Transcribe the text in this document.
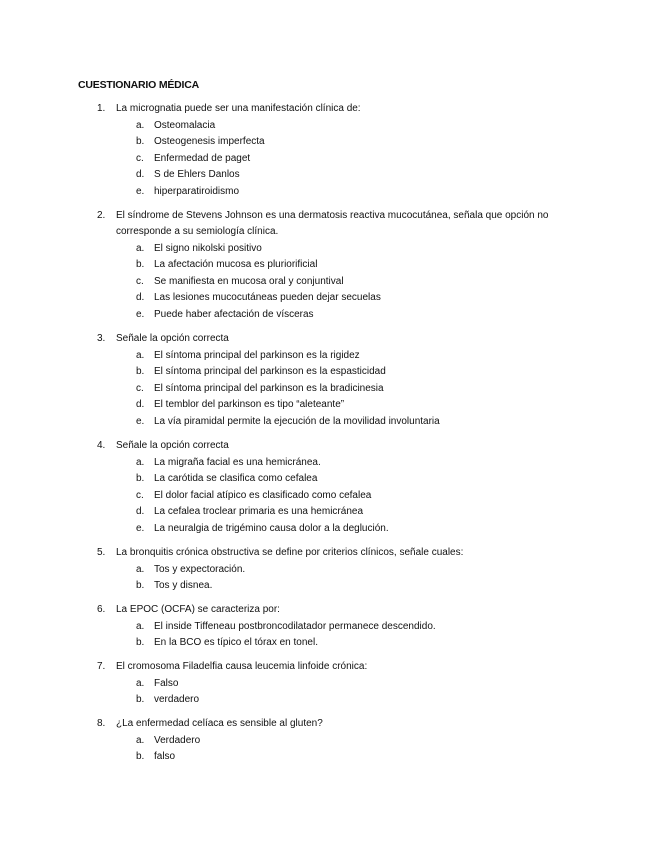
CUESTIONARIO MÉDICA
1. La micrognatia puede ser una manifestación clínica de:
a. Osteomalacia
b. Osteogenesis imperfecta
c. Enfermedad de paget
d. S de Ehlers Danlos
e. hiperparatiroidismo
2. El síndrome de Stevens Johnson es una dermatosis reactiva mucocutánea, señala que opción no corresponde a su semiología clínica.
a. El signo nikolski positivo
b. La afectación mucosa es pluriorificial
c. Se manifiesta en mucosa oral y conjuntival
d. Las lesiones mucocutáneas pueden dejar secuelas
e. Puede haber afectación de vísceras
3. Señale la opción correcta
a. El síntoma principal del parkinson es la rigidez
b. El síntoma principal del parkinson es la espasticidad
c. El síntoma principal del parkinson es la bradicinesia
d. El temblor del parkinson es tipo “aleteante”
e. La vía piramidal permite la ejecución de la movilidad involuntaria
4. Señale la opción correcta
a. La migraña facial es una hemicránea.
b. La carótida se clasifica como cefalea
c. El dolor facial atípico es clasificado como cefalea
d. La cefalea troclear primaria es una hemicránea
e. La neuralgia de trigémino causa dolor a la deglución.
5. La bronquitis crónica obstructiva se define por criterios clínicos, señale cuales:
a. Tos y expectoración.
b. Tos y disnea.
6. La EPOC (OCFA) se caracteriza por:
a. El inside Tiffeneau postbroncodilatador permanece descendido.
b. En la BCO es típico el tórax en tonel.
7. El cromosoma Filadelfia causa leucemia linfoide crónica:
a. Falso
b. verdadero
8. ¿La enfermedad celíaca es sensible al gluten?
a. Verdadero
b. falso
